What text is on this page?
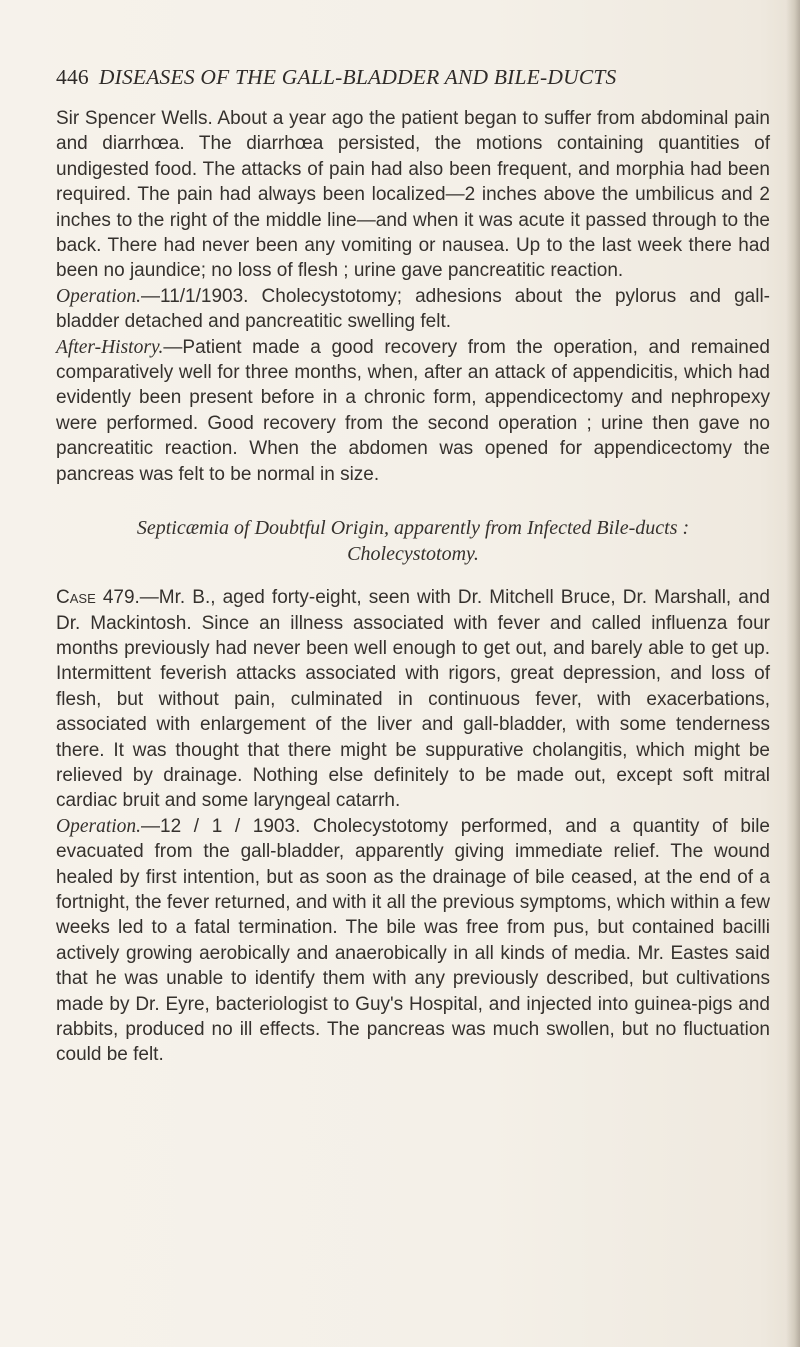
446 DISEASES OF THE GALL-BLADDER AND BILE-DUCTS

Sir Spencer Wells. About a year ago the patient began to suffer from abdominal pain and diarrhœa. The diarrhœa persisted, the motions containing quantities of undigested food. The attacks of pain had also been frequent, and morphia had been required. The pain had always been localized—2 inches above the umbilicus and 2 inches to the right of the middle line—and when it was acute it passed through to the back. There had never been any vomiting or nausea. Up to the last week there had been no jaundice; no loss of flesh ; urine gave pancreatitic reaction.

Operation.—11/1/1903. Cholecystotomy; adhesions about the pylorus and gall-bladder detached and pancreatitic swelling felt.

After-History.—Patient made a good recovery from the operation, and remained comparatively well for three months, when, after an attack of appendicitis, which had evidently been present before in a chronic form, appendicectomy and nephropexy were performed. Good recovery from the second operation ; urine then gave no pancreatitic reaction. When the abdomen was opened for appendicectomy the pancreas was felt to be normal in size.

Septicæmia of Doubtful Origin, apparently from Infected Bile-ducts :
Cholecystotomy.

Case 479.—Mr. B., aged forty-eight, seen with Dr. Mitchell Bruce, Dr. Marshall, and Dr. Mackintosh. Since an illness associated with fever and called influenza four months previously had never been well enough to get out, and barely able to get up. Intermittent feverish attacks associated with rigors, great depression, and loss of flesh, but without pain, culminated in continuous fever, with exacerbations, associated with enlargement of the liver and gall-bladder, with some tenderness there. It was thought that there might be suppurative cholangitis, which might be relieved by drainage. Nothing else definitely to be made out, except soft mitral cardiac bruit and some laryngeal catarrh.

Operation.—12 / 1 / 1903. Cholecystotomy performed, and a quantity of bile evacuated from the gall-bladder, apparently giving immediate relief. The wound healed by first intention, but as soon as the drainage of bile ceased, at the end of a fortnight, the fever returned, and with it all the previous symptoms, which within a few weeks led to a fatal termination. The bile was free from pus, but contained bacilli actively growing aerobically and anaerobically in all kinds of media. Mr. Eastes said that he was unable to identify them with any previously described, but cultivations made by Dr. Eyre, bacteriologist to Guy's Hospital, and injected into guinea-pigs and rabbits, produced no ill effects. The pancreas was much swollen, but no fluctuation could be felt.
